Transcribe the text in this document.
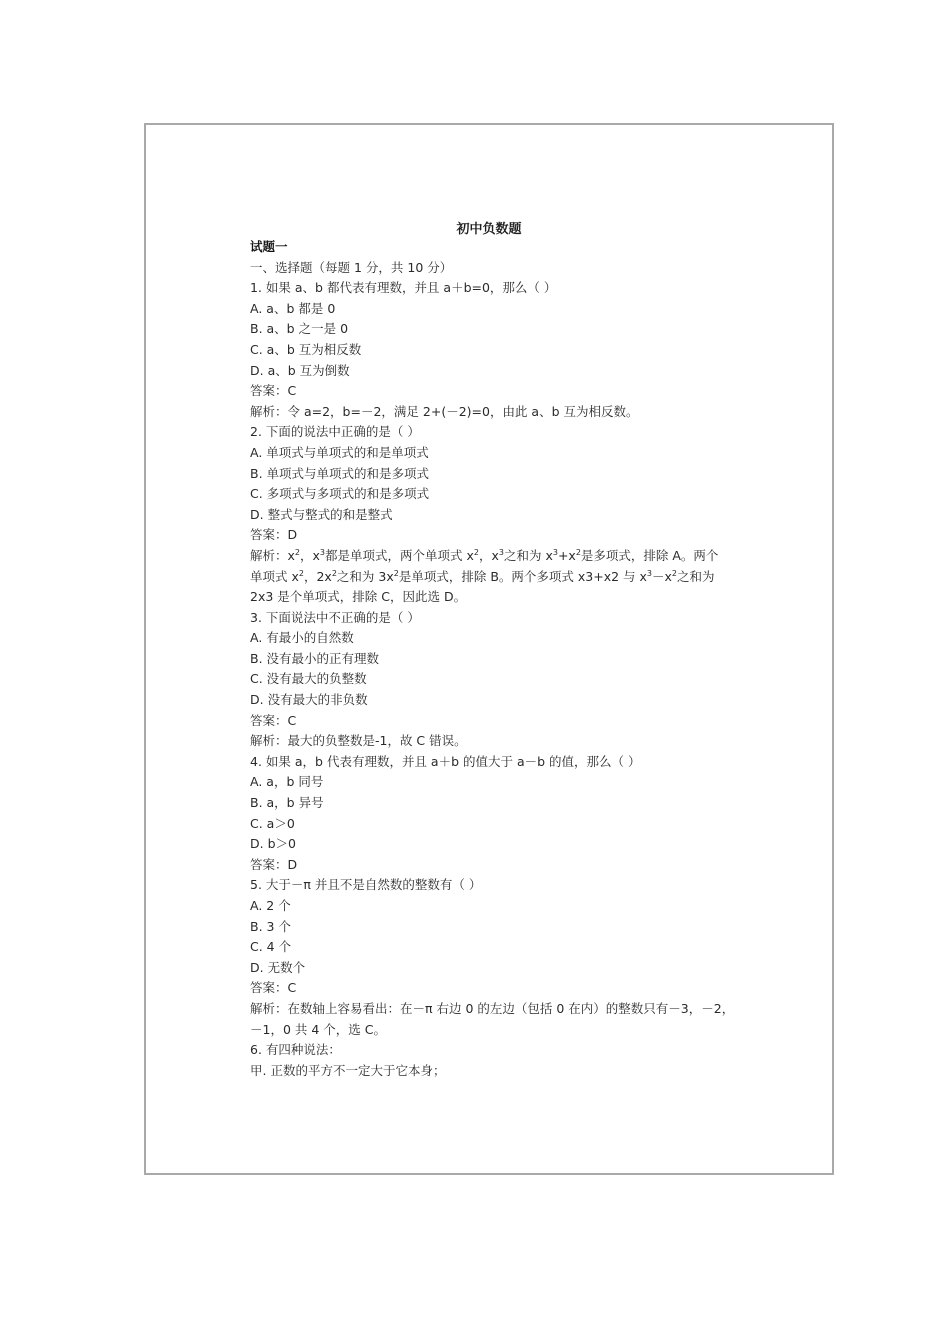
初中负数题
试题一
一、选择题（每题 1 分，共 10 分）
1. 如果 a、b 都代表有理数，并且 a＋b=0，那么（ ）
A. a、b 都是 0
B. a、b 之一是 0
C. a、b 互为相反数
D. a、b 互为倒数
答案：C
解析：令 a=2，b=－2，满足 2+(－2)=0，由此 a、b 互为相反数。
2. 下面的说法中正确的是（ ）
A. 单项式与单项式的和是单项式
B. 单项式与单项式的和是多项式
C. 多项式与多项式的和是多项式
D. 整式与整式的和是整式
答案：D
解析：$x^2$，$x^3$都是单项式，两个单项式 $x^2$，$x^3$之和为 $x^3+x^2$是多项式，排除 A。两个单项式 $x^2$，$2x^2$之和为 $3x^2$是单项式，排除 B。两个多项式 x3+x2 与 $x^3-x^2$之和为 2x3 是个单项式，排除 C，因此选 D。
3. 下面说法中不正确的是（ ）
A. 有最小的自然数
B. 没有最小的正有理数
C. 没有最大的负整数
D. 没有最大的非负数
答案：C
解析：最大的负整数是-1，故 C 错误。
4. 如果 a，b 代表有理数，并且 a＋b 的值大于 a－b 的值，那么（ ）
A. a，b 同号
B. a，b 异号
C. a＞0
D. b＞0
答案：D
5. 大于－π 并且不是自然数的整数有（ ）
A. 2 个
B. 3 个
C. 4 个
D. 无数个
答案：C
解析：在数轴上容易看出：在－π 右边 0 的左边（包括 0 在内）的整数只有－3，－2，
－1，0 共 4 个，选 C。
6. 有四种说法：
甲. 正数的平方不一定大于它本身；
